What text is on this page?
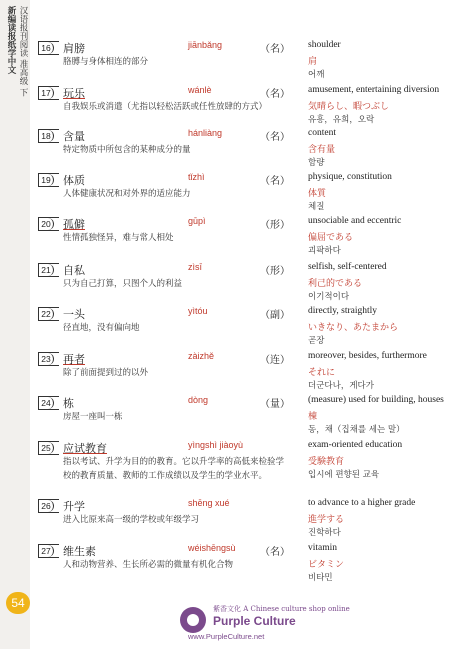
新编读报纸学中文 汉语报刊阅读 准高级 下
54
16	肩膀	jiānbǎng	（名）
胳膊与身体相连的部分
shoulder
肩
어깨
17	玩乐	wánlè	（名）
自我娱乐或消遣（尤指以轻松活跃或任性放肆的方式）
amusement, entertaining diversion
気晴らし、暇つぶし
유흥，유희，오락
18	含量	hánliàng	（名）
特定物质中所包含的某种成分的量
content
含有量
함량
19	体质	tǐzhì	（名）
人体健康状况和对外界的适应能力
physique, constitution
体質
체질
20	孤僻	gūpì	（形）
性情孤独怪异，难与常人相处
unsociable and eccentric
偏屈である
괴팍하다
21	自私	zìsī	（形）
只为自己打算，只图个人的利益
selfish, self-centered
利己的である
이기적이다
22	一头	yìtóu	（副）
径直地，没有偏向地
directly, straightly
いきなり、あたまから
곧장
23	再者	zàizhě	（连）
除了前面提到过的以外
moreover, besides, furthermore
それに
더군다나，게다가
24	栋	dòng	（量）
房屋一座叫一栋
(measure) used for building, houses
棟
동，채（집채를 세는 말）
25	应试教育	yìngshì jiàoyù
指以考试、升学为目的的教育。它以升学率的高低来检验学校的教育质量、教师的工作成绩以及学生的学业水平。
exam-oriented education
受験教育
입시에 편향된 교육
26	升学	shēng xué
进入比原来高一级的学校或年级学习
to advance to a higher grade
進学する
진학하다
27	维生素	wéishēngsù （名）
人和动物营养、生长所必需的微量有机化合物
vitamin
ビタミン
비타민
紫香文化 A Chinese culture shop online
Purple Culture
www.PurpleCulture.net
